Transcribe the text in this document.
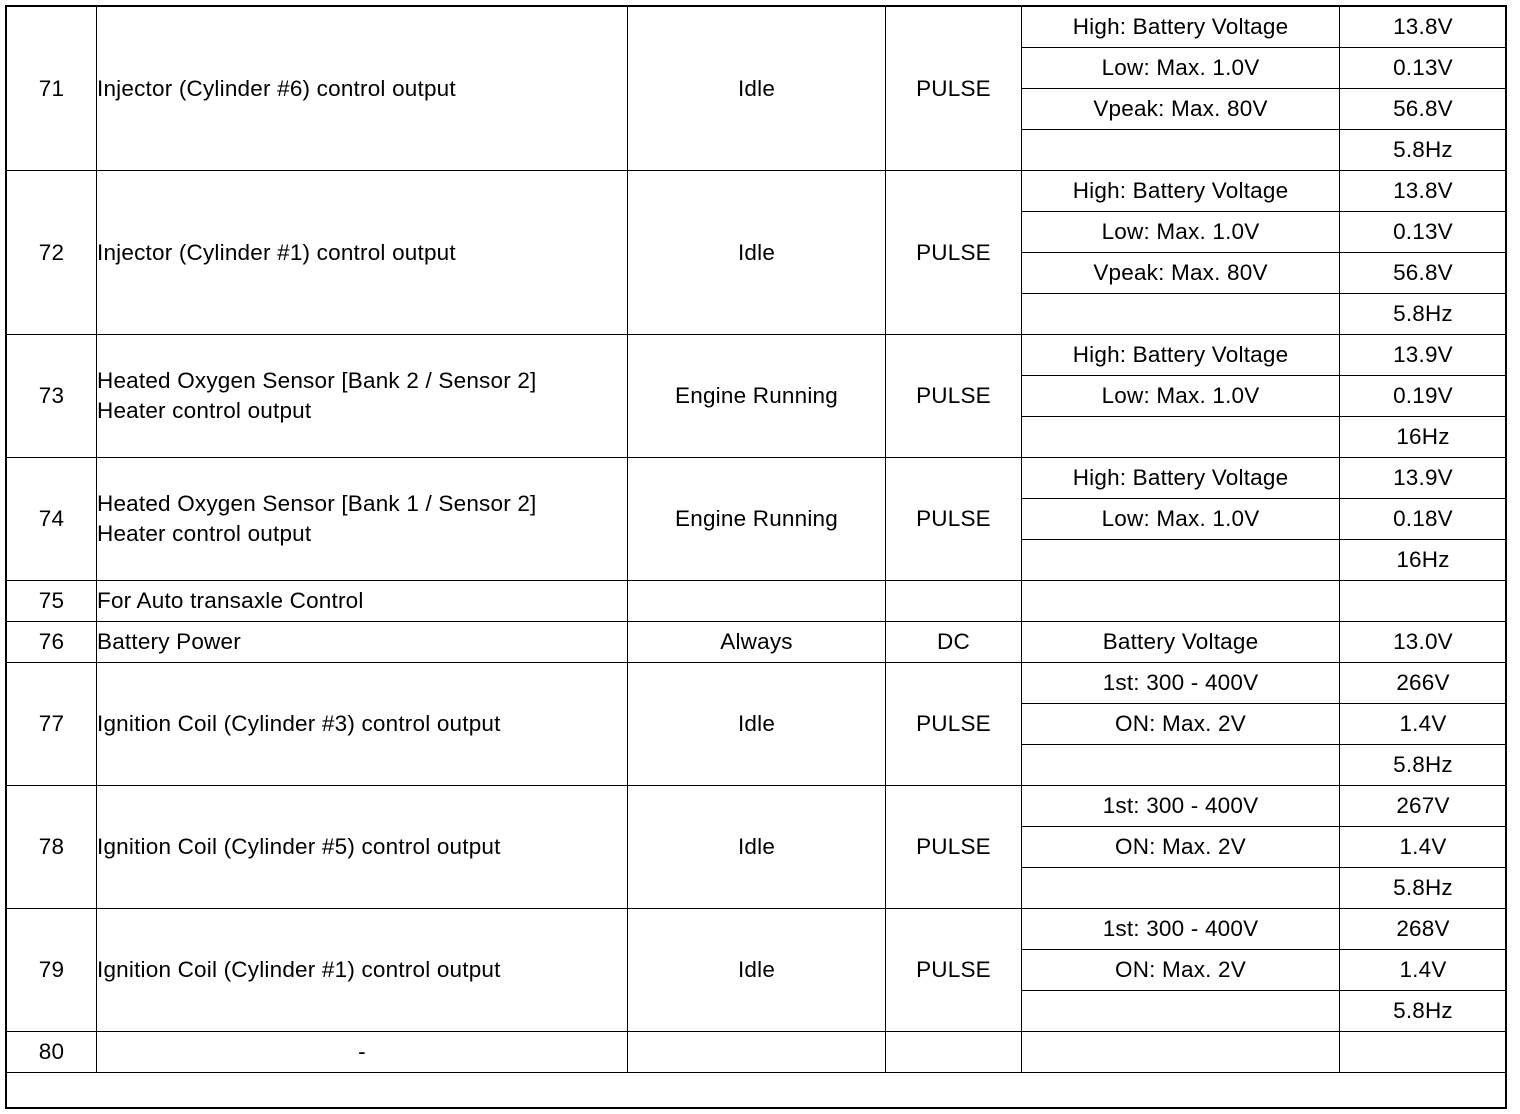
71	Injector (Cylinder #6) control output	Idle	PULSE	High: Battery Voltage	13.8V
				Low: Max. 1.0V	0.13V
				Vpeak: Max. 80V	56.8V
					5.8Hz
72	Injector (Cylinder #1) control output	Idle	PULSE	High: Battery Voltage	13.8V
				Low: Max. 1.0V	0.13V
				Vpeak: Max. 80V	56.8V
					5.8Hz
73	Heated Oxygen Sensor [Bank 2 / Sensor 2]
Heater control output	Engine Running	PULSE	High: Battery Voltage	13.9V
				Low: Max. 1.0V	0.19V
					16Hz
74	Heated Oxygen Sensor [Bank 1 / Sensor 2]
Heater control output	Engine Running	PULSE	High: Battery Voltage	13.9V
				Low: Max. 1.0V	0.18V
					16Hz
75	For Auto transaxle Control				

76	Battery Power	Always	DC	Battery Voltage	13.0V
77	Ignition Coil (Cylinder #3) control output	Idle	PULSE	1st: 300 - 400V	266V
				ON: Max. 2V	1.4V
					5.8Hz
78	Ignition Coil (Cylinder #5) control output	Idle	PULSE	1st: 300 - 400V	267V
				ON: Max. 2V	1.4V
					5.8Hz
79	Ignition Coil (Cylinder #1) control output	Idle	PULSE	1st: 300 - 400V	268V
				ON: Max. 2V	1.4V
					5.8Hz
80	-				
